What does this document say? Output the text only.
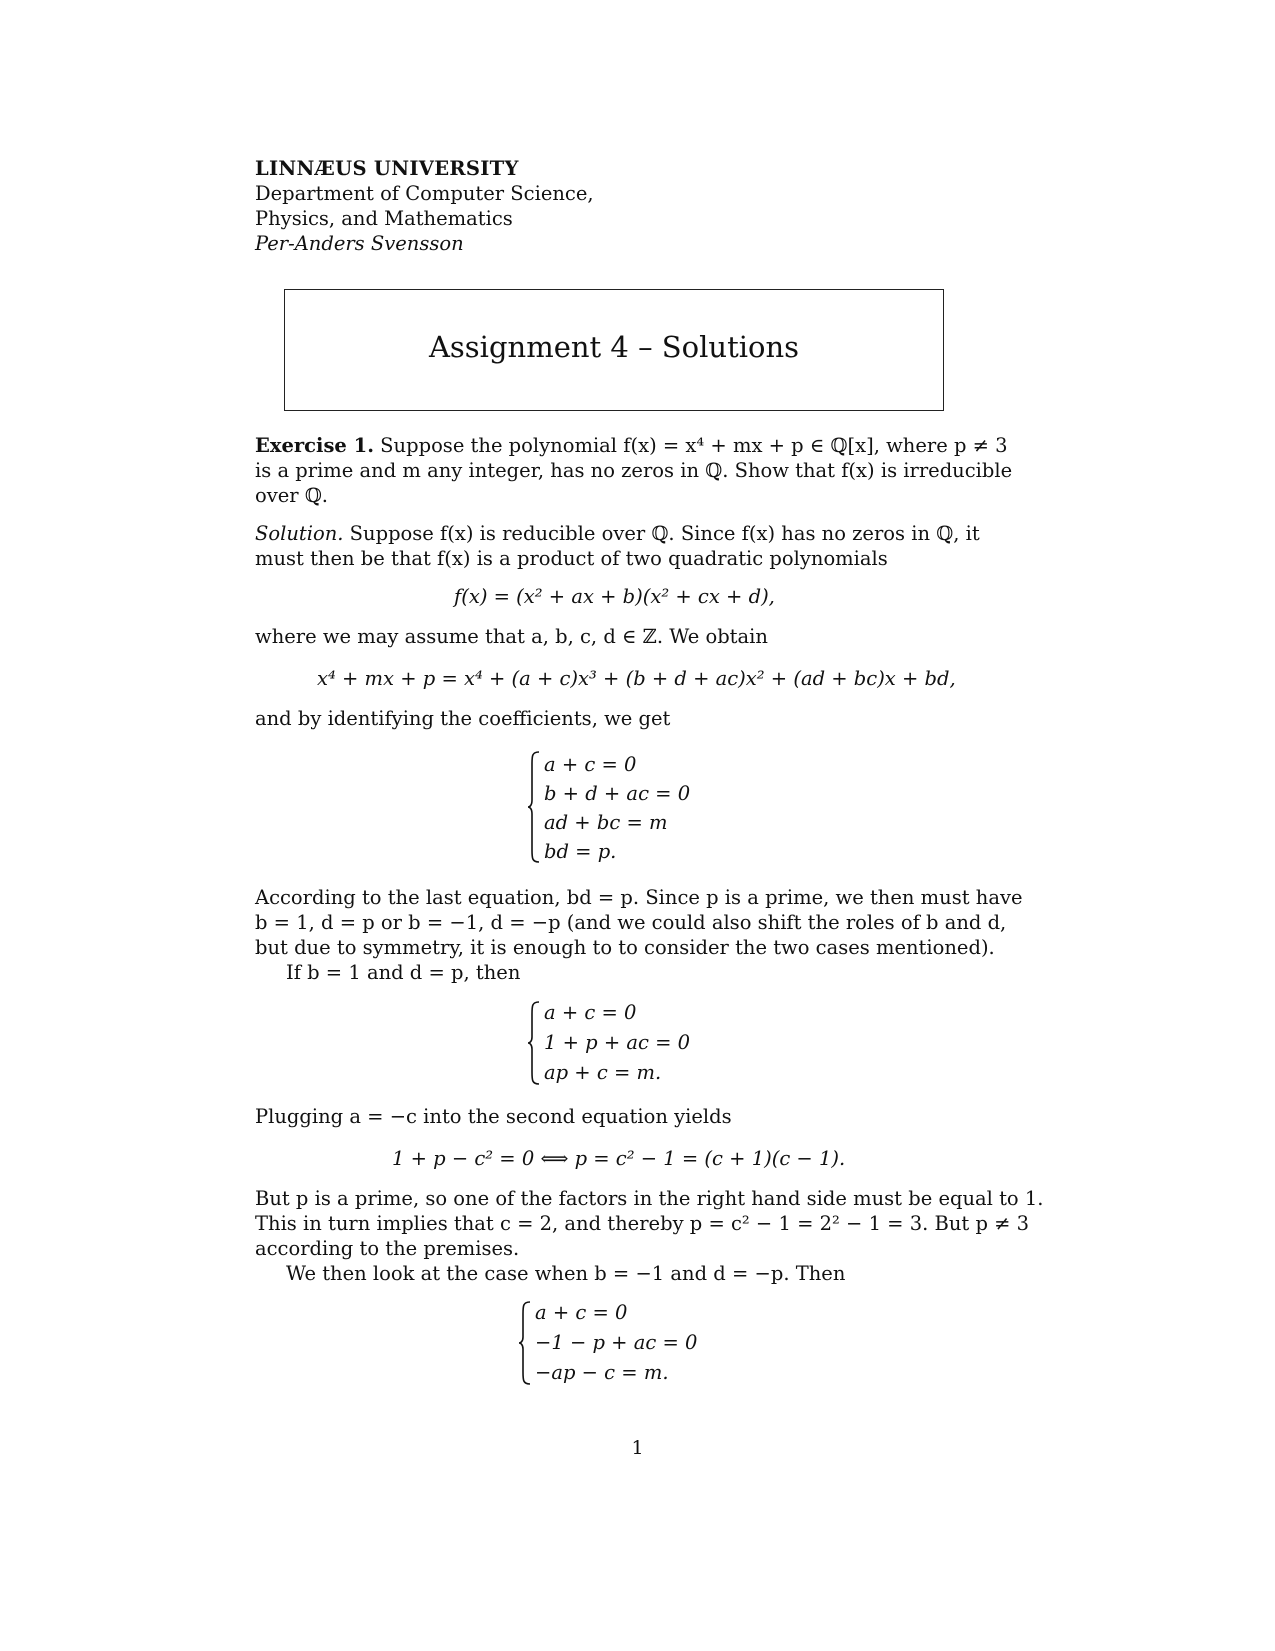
LINNÆUS UNIVERSITY
Department of Computer Science,
Physics, and Mathematics
Per-Anders Svensson
Assignment 4 – Solutions
Exercise 1. Suppose the polynomial f(x) = x⁴ + mx + p ∈ ℚ[x], where p ≠ 3
is a prime and m any integer, has no zeros in ℚ. Show that f(x) is irreducible
over ℚ.
Solution. Suppose f(x) is reducible over ℚ. Since f(x) has no zeros in ℚ, it
must then be that f(x) is a product of two quadratic polynomials
f(x) = (x² + ax + b)(x² + cx + d),
where we may assume that a, b, c, d ∈ ℤ. We obtain
x⁴ + mx + p = x⁴ + (a + c)x³ + (b + d + ac)x² + (ad + bc)x + bd,
and by identifying the coefficients, we get
a + c = 0
b + d + ac = 0
ad + bc = m
bd = p.
According to the last equation, bd = p. Since p is a prime, we then must have
b = 1, d = p or b = −1, d = −p (and we could also shift the roles of b and d,
but due to symmetry, it is enough to to consider the two cases mentioned).
If b = 1 and d = p, then
a + c = 0
1 + p + ac = 0
ap + c = m.
Plugging a = −c into the second equation yields
1 + p − c² = 0 ⟺ p = c² − 1 = (c + 1)(c − 1).
But p is a prime, so one of the factors in the right hand side must be equal to 1.
This in turn implies that c = 2, and thereby p = c² − 1 = 2² − 1 = 3. But p ≠ 3
according to the premises.
We then look at the case when b = −1 and d = −p. Then
a + c = 0
−1 − p + ac = 0
−ap − c = m.
1
